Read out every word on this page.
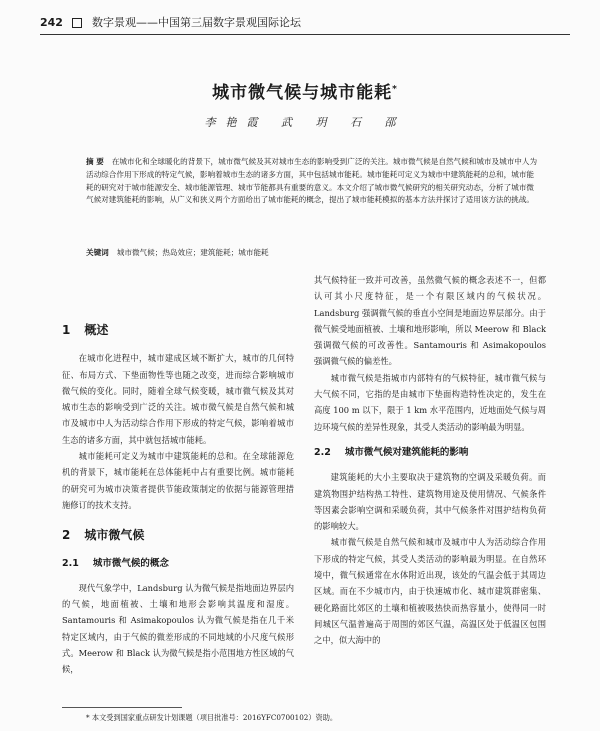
242	数字景观——中国第三届数字景观国际论坛
城市微气候与城市能耗*
李艳霞 武 玥 石 邵
摘 要 在城市化和全球暖化的背景下，城市微气候及其对城市生态的影响受到广泛的关注。城市微气候是自然气候和城市及城市中人为活动综合作用下形成的特定气候，影响着城市生态的诸多方面，其中包括城市能耗。城市能耗可定义为城市中建筑能耗的总和，城市能耗的研究对于城市能源安全、城市能源管理、城市节能都具有重要的意义。本文介绍了城市微气候研究的相关研究动态，分析了城市微气候对建筑能耗的影响，从广义和狭义两个方面给出了城市能耗的概念，提出了城市能耗模拟的基本方法并探讨了适用该方法的挑战。
关键词 城市微气候；热岛效应；建筑能耗；城市能耗
1 概述

在城市化进程中，城市建成区域不断扩大，城市的几何特征、布局方式、下垫面物性等也随之改变，进而综合影响城市微气候的变化。同时，随着全球气候变暖，城市微气候及其对城市生态的影响受到广泛的关注。城市微气候是自然气候和城市及城市中人为活动综合作用下形成的特定气候，影响着城市生态的诸多方面，其中就包括城市能耗。

城市能耗可定义为城市中建筑能耗的总和。在全球能源危机的背景下，城市能耗在总体能耗中占有重要比例。城市能耗的研究可为城市决策者提供节能政策制定的依据与能源管理措施修订的技术支持。

2 城市微气候
2.1 城市微气候的概念

现代气象学中，Landsburg 认为微气候是指地面边界层内的气候，地面植被、土壤和地形会影响其温度和湿度。Santamouris 和 Asimakopoulos 认为微气候是指在几千米特定区域内，由于气候的微差形成的不同地域的小尺度气候形式。Meerow 和 Black 认为微气候是指小范围地方性区域的气候，

其气候特征一致并可改善，虽然微气候的概念表述不一，但都认可其小尺度特征，是一个有限区域内的气候状况。Landsburg 强调微气候的垂直小空间是地面边界层部分。由于微气候受地面植被、土壤和地形影响，所以 Meerow 和 Black 强调微气候的可改善性。Santamouris 和 Asimakopoulos 强调微气候的偏差性。

城市微气候是指城市内部特有的气候特征，城市微气候与大气候不同，它指的是由城市下垫面构造特性决定的，发生在高度 100 m 以下，限于 1 km 水平范围内，近地面处气候与周边环境气候的差异性现象，其受人类活动的影响最为明显。

2.2 城市微气候对建筑能耗的影响

建筑能耗的大小主要取决于建筑物的空调及采暖负荷。而建筑物围护结构热工特性、建筑物用途及使用情况、气候条件等因素会影响空调和采暖负荷，其中气候条件对围护结构负荷的影响较大。

城市微气候是自然气候和城市及城市中人为活动综合作用下形成的特定气候，其受人类活动的影响最为明显。在自然环境中，微气候通常在水体附近出现，该处的气温会低于其周边区域。而在不少城市内，由于快速城市化、城市建筑群密集、硬化路面比郊区的土壤和植被吸热快而热容量小，使得同一时间城区气温普遍高于周围的郊区气温，高温区处于低温区包围之中，似大海中的

* 本文受到国家重点研发计划课题（项目批准号：2016YFC0700102）资助。
